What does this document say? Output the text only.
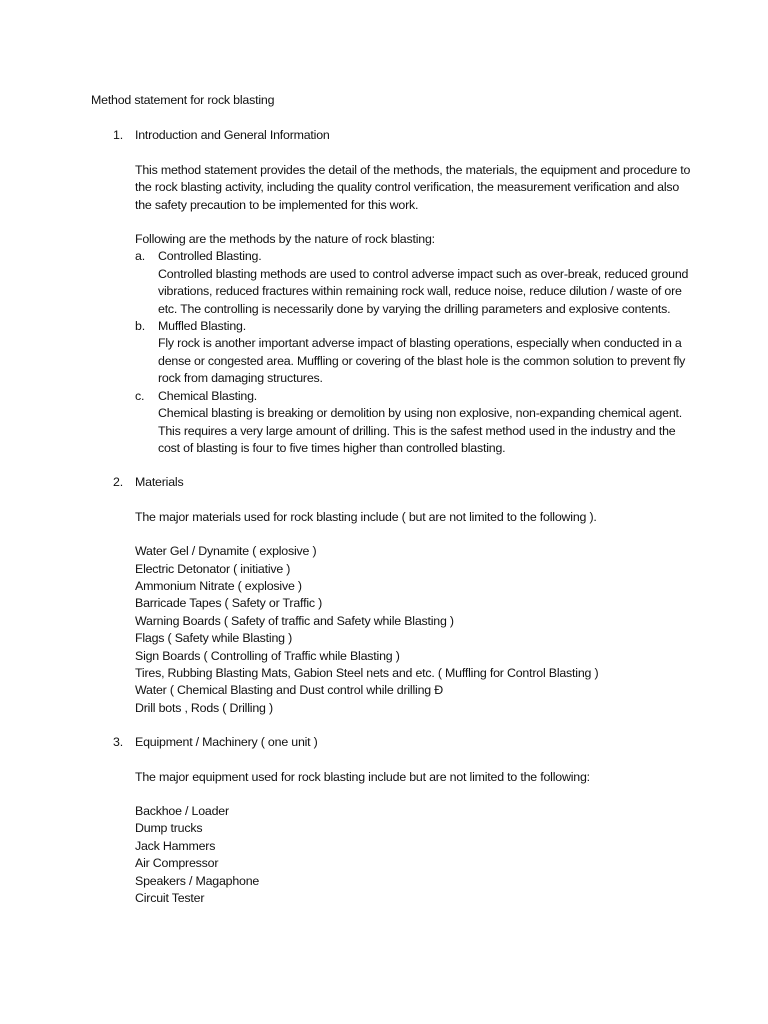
Method statement for rock blasting
1. Introduction and General Information
This method statement provides the detail of the methods, the materials, the equipment and procedure to the rock blasting activity, including the quality control verification, the measurement verification and also the safety precaution to be implemented for this work.
Following are the methods by the nature of rock blasting:
a.	Controlled Blasting.
Controlled blasting methods are used to control adverse impact such as over-break, reduced ground vibrations, reduced fractures within remaining rock wall, reduce noise, reduce dilution / waste of ore etc. The controlling is necessarily done by varying the drilling parameters and explosive contents.
b.	Muffled Blasting.
Fly rock is another important adverse impact of blasting operations, especially when conducted in a dense or congested area. Muffling or covering of the blast hole is the common solution to prevent fly rock from damaging structures.
c.	Chemical Blasting.
Chemical blasting is breaking or demolition by using non explosive, non-expanding chemical agent. This requires a very large amount of drilling. This is the safest method used in the industry and the cost of blasting is four to five times higher than controlled blasting.
2. Materials
The major materials used for rock blasting include ( but are not limited to the following ).
Water Gel / Dynamite ( explosive )
Electric Detonator ( initiative )
Ammonium Nitrate ( explosive )
Barricade Tapes ( Safety or Traffic )
Warning Boards ( Safety of traffic and Safety while Blasting )
Flags ( Safety while Blasting )
Sign Boards ( Controlling of Traffic while Blasting )
Tires, Rubbing Blasting Mats, Gabion Steel nets and etc. ( Muffling for Control Blasting )
Water ( Chemical Blasting and Dust control while drilling Ð
Drill bots , Rods ( Drilling )
3. Equipment / Machinery ( one unit )
The major equipment used for rock blasting include but are not limited to the following:
Backhoe / Loader
Dump trucks
Jack Hammers
Air Compressor
Speakers / Magaphone
Circuit Tester
